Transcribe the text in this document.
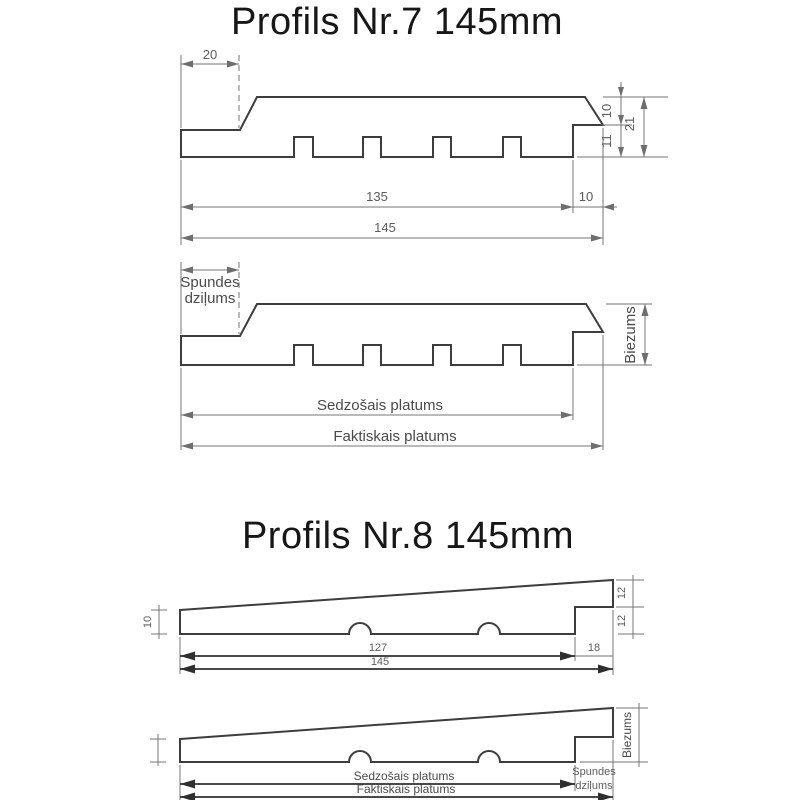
Profils Nr.7 145mm
Profils Nr.8 145mm
20
10
11
21
135	10
145
Spundes
dziļums
Biezums
Sedzošais platums
Faktiskais platums
10
12
12
127	18
145
Biezums
Spundes
dziļums
Sedzošais platums
Faktiskais platums
